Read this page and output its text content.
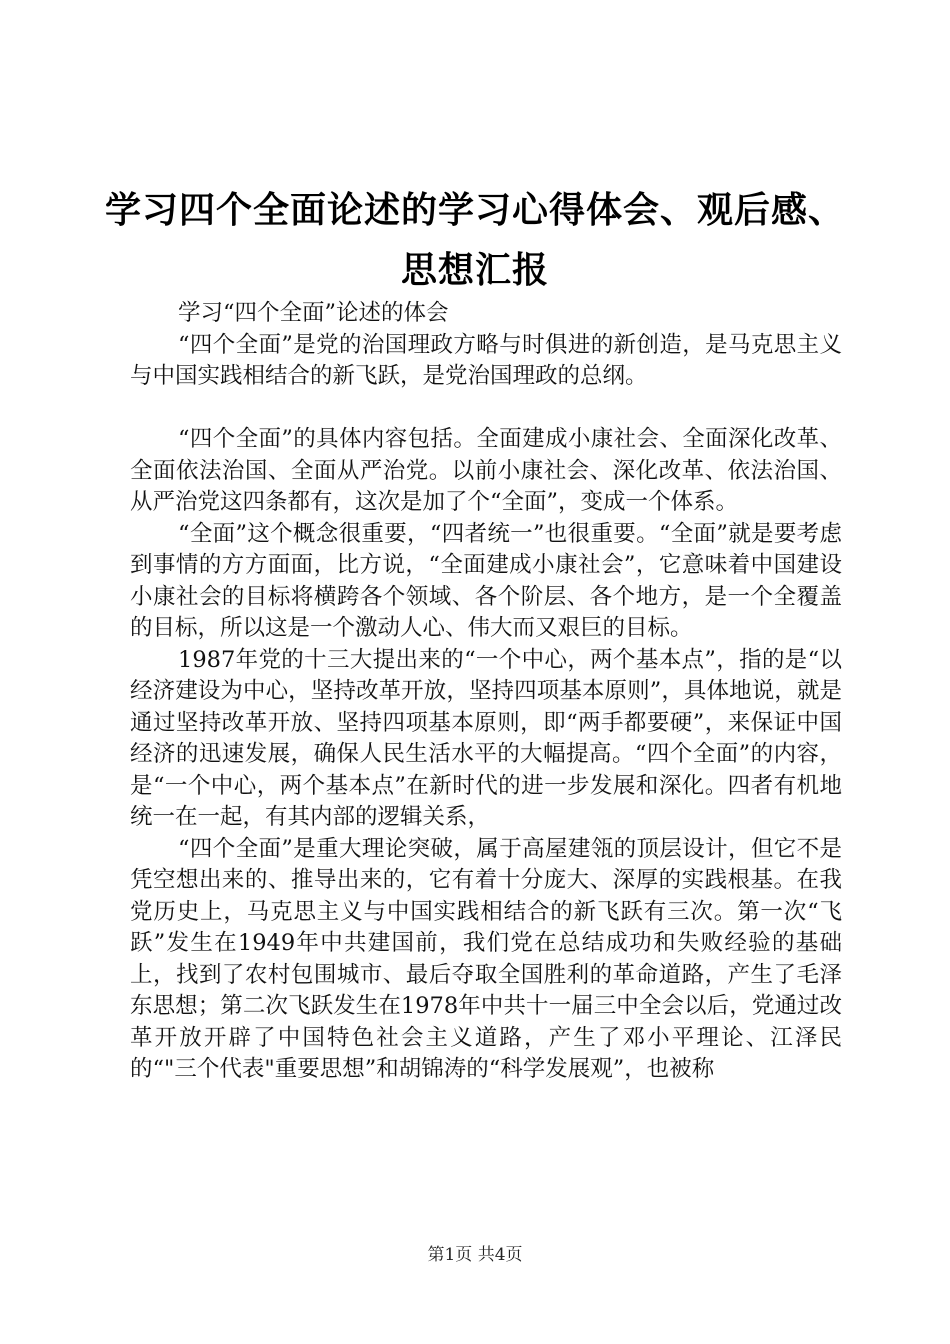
学习四个全面论述的学习心得体会、观后感、
思想汇报
学习“四个全面”论述的体会

“四个全面”是党的治国理政方略与时俱进的新创造，是马克思主义与中国实践相结合的新飞跃，是党治国理政的总纲。

“四个全面”的具体内容包括。全面建成小康社会、全面深化改革、全面依法治国、全面从严治党。以前小康社会、深化改革、依法治国、从严治党这四条都有，这次是加了个“全面”，变成一个体系。

“全面”这个概念很重要，“四者统一”也很重要。“全面”就是要考虑到事情的方方面面，比方说，“全面建成小康社会”，它意味着中国建设小康社会的目标将横跨各个领域、各个阶层、各个地方，是一个全覆盖的目标，所以这是一个激动人心、伟大而又艰巨的目标。

1987年党的十三大提出来的“一个中心，两个基本点”，指的是“以经济建设为中心，坚持改革开放，坚持四项基本原则”，具体地说，就是通过坚持改革开放、坚持四项基本原则，即“两手都要硬”，来保证中国经济的迅速发展，确保人民生活水平的大幅提高。“四个全面”的内容，是“一个中心，两个基本点”在新时代的进一步发展和深化。四者有机地统一在一起，有其内部的逻辑关系，

“四个全面”是重大理论突破，属于高屋建瓴的顶层设计，但它不是凭空想出来的、推导出来的，它有着十分庞大、深厚的实践根基。在我党历史上，马克思主义与中国实践相结合的新飞跃有三次。第一次“飞跃”发生在1949年中共建国前，我们党在总结成功和失败经验的基础上，找到了农村包围城市、最后夺取全国胜利的革命道路，产生了毛泽东思想；第二次飞跃发生在1978年中共十一届三中全会以后，党通过改革开放开辟了中国特色社会主义道路，产生了邓小平理论、江泽民的“"三个代表"重要思想”和胡锦涛的“科学发展观”，也被称

第1页 共4页
